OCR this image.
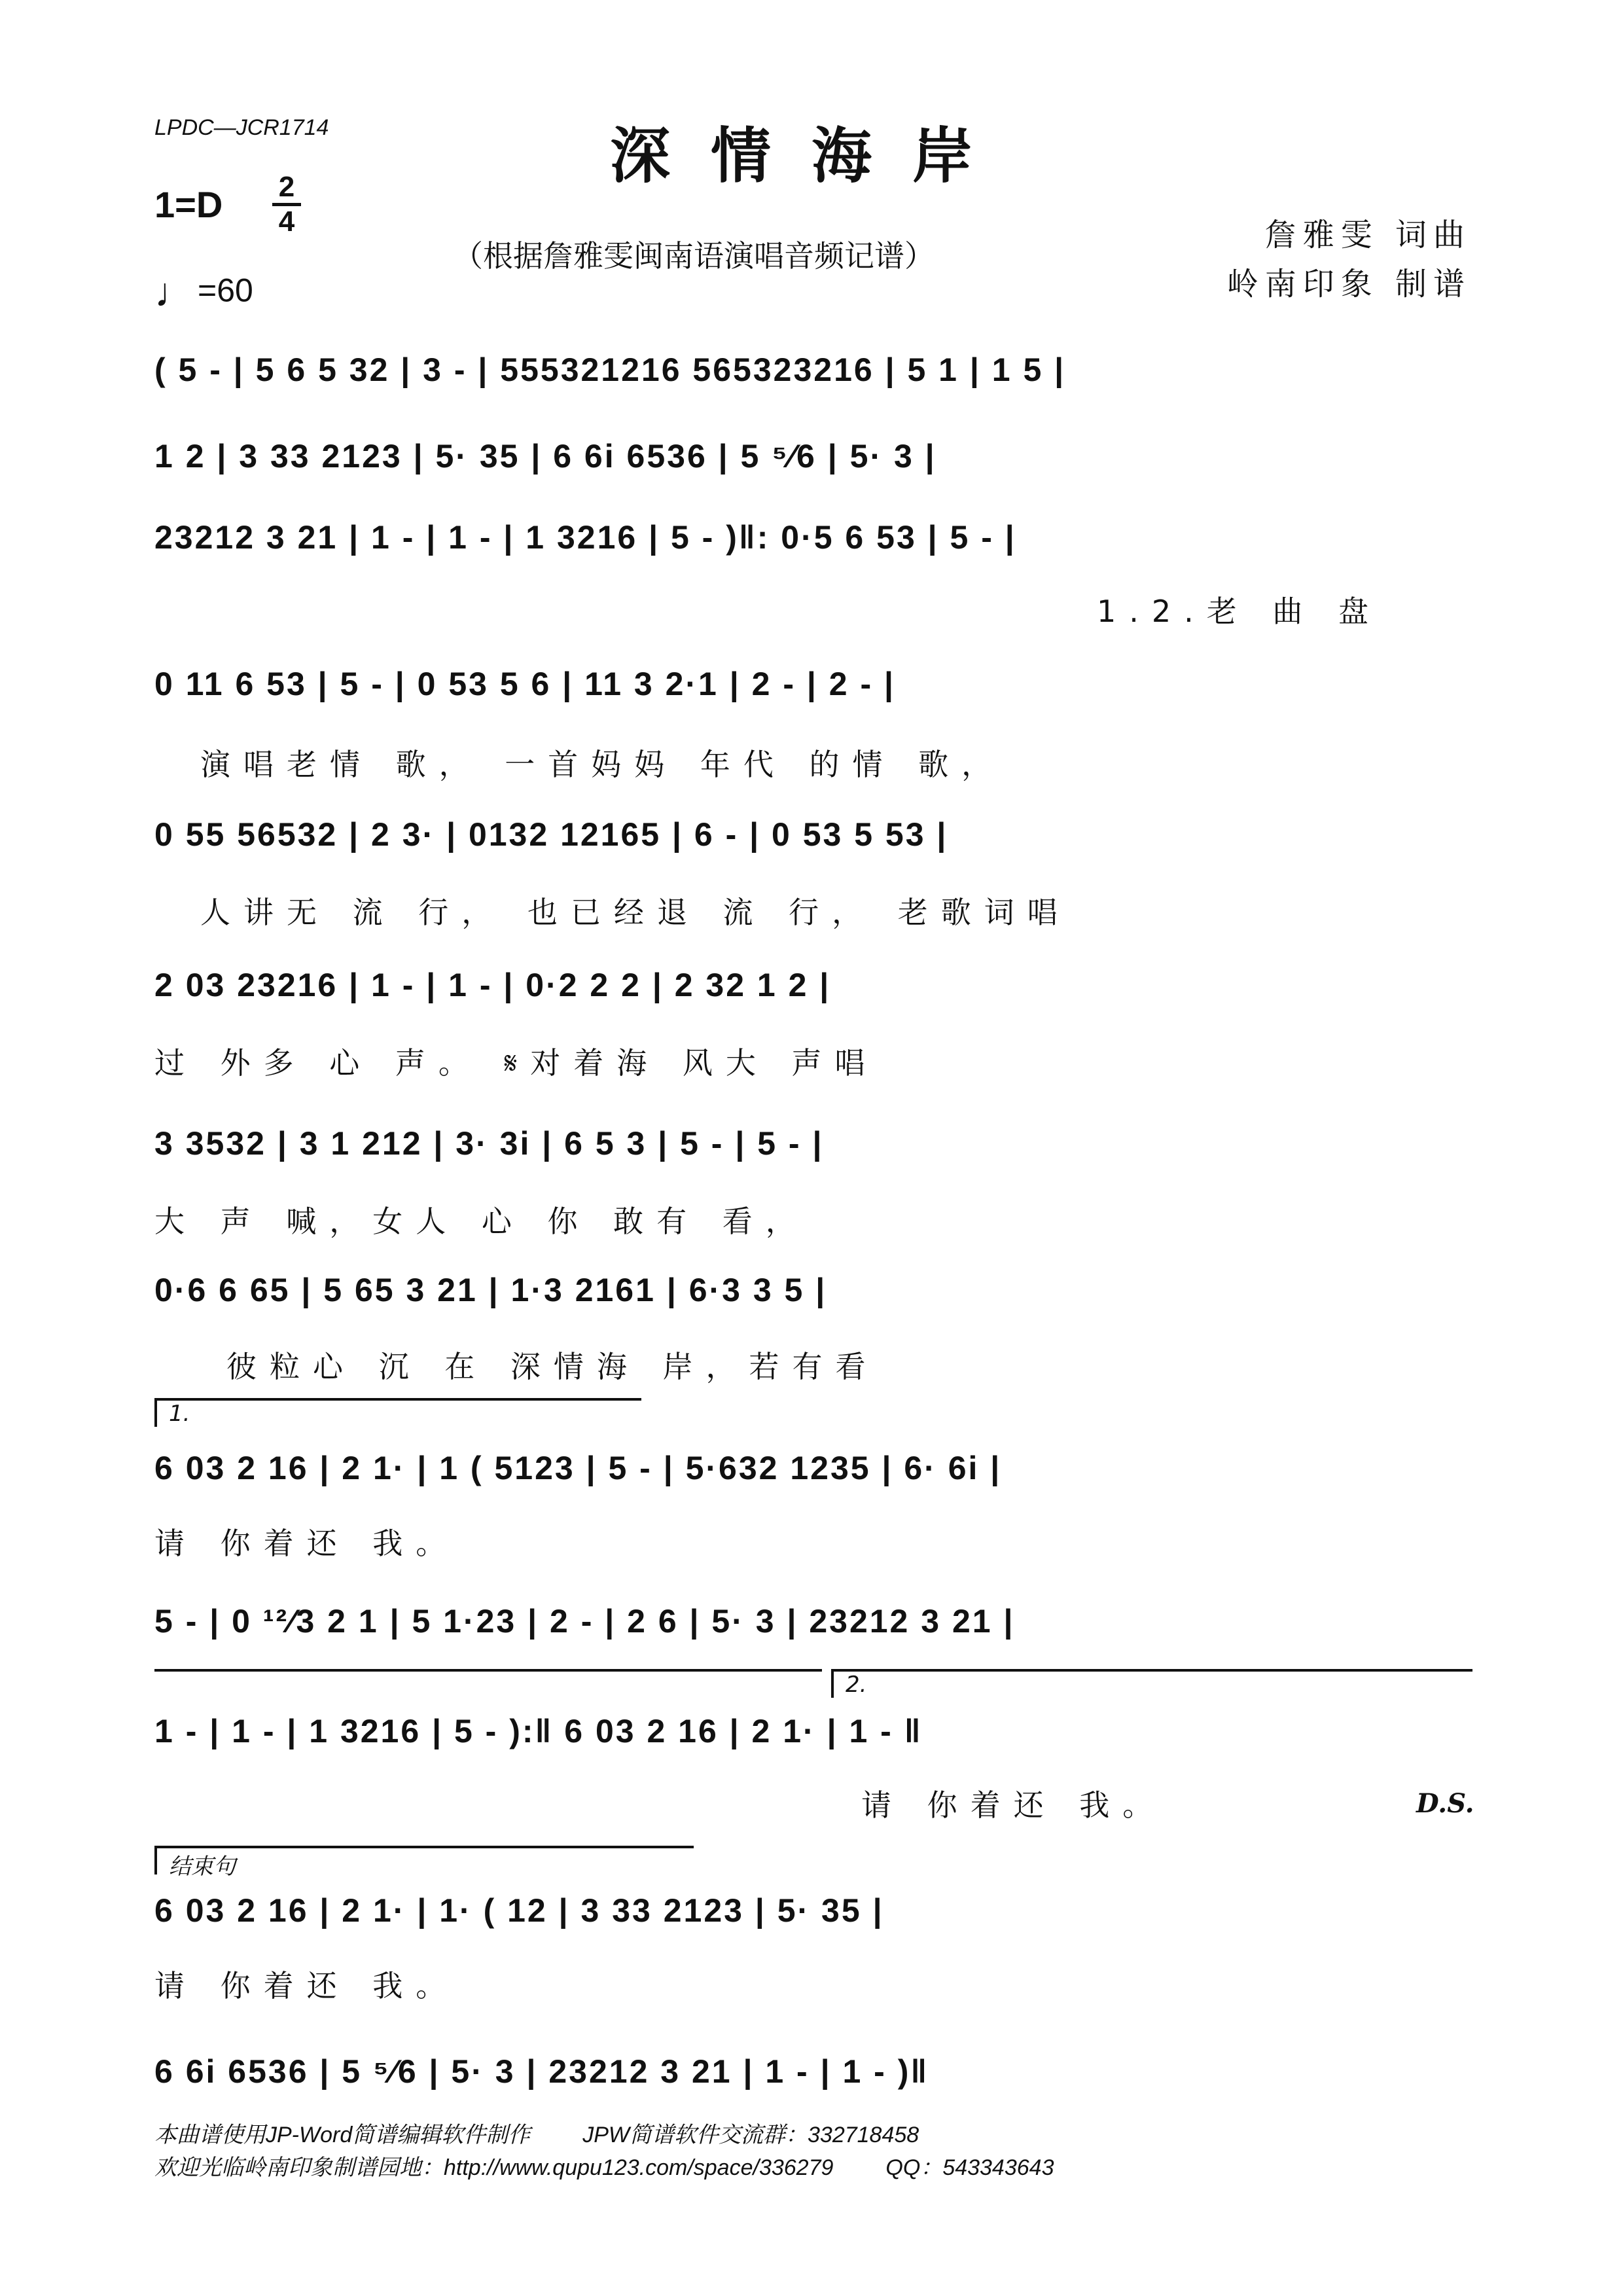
LPDC—JCR1714	深情海岸
1=D 2
4
♩=60
（根据詹雅雯闽南语演唱音频记谱）
詹雅雯 词曲
岭南印象 制谱
( 5 - | 5 6 5 32 | 3 - | 555321216 565323216 | 5 1 | 1 5 |
1 2 | 3 33 2123 | 5· 35 | 6 6i 6536 | 5 ⁵⁄6 | 5· 3 |
23212 3 21 | 1 - | 1 - | 1 3216 | 5 - )‖: 0·5 6 53 | 5 - |
1.2.老 曲 盘
0 11 6 53 | 5 - | 0 53 5 6 | 11 3 2·1 | 2 - | 2 - |
演唱老情 歌， 一首妈妈 年代 的情 歌，
0 55 56532 | 2 3· | 0132 12165 | 6 - | 0 53 5 53 |
人讲无 流 行， 也已经退 流 行， 老歌词唱
2 03 23216 | 1 - | 1 - | 0·2 2 2 | 2 32 1 2 |
过 外多 心 声。 𝄋对着海 风大 声唱
3 3532 | 3 1 212 | 3· 3i | 6 5 3 | 5 - | 5 - |
大 声 喊，女人 心 你 敢有 看，
0·6 6 65 | 5 65 3 21 | 1·3 2161 | 6·3 3 5 |
彼粒心 沉 在 深情海 岸，若有看
1.
6 03 2 16 | 2 1· | 1 ( 5123 | 5 - | 5·632 1235 | 6· 6i |
请 你着还 我。
5 - | 0 ¹²⁄3 2 1 | 5 1·23 | 2 - | 2 6 | 5· 3 | 23212 3 21 |
2.
1 - | 1 - | 1 3216 | 5 - ):‖ 6 03 2 16 | 2 1· | 1 - ‖
请 你着还 我。	D.S.
结束句
6 03 2 16 | 2 1· | 1· ( 12 | 3 33 2123 | 5· 35 |
请 你着还 我。
6 6i 6536 | 5 ⁵⁄6 | 5· 3 | 23212 3 21 | 1 - | 1 - )‖
本曲谱使用JP-Word简谱编辑软件制作 JPW简谱软件交流群：332718458
欢迎光临岭南印象制谱园地：http://www.qupu123.com/space/336279 QQ：543343643
